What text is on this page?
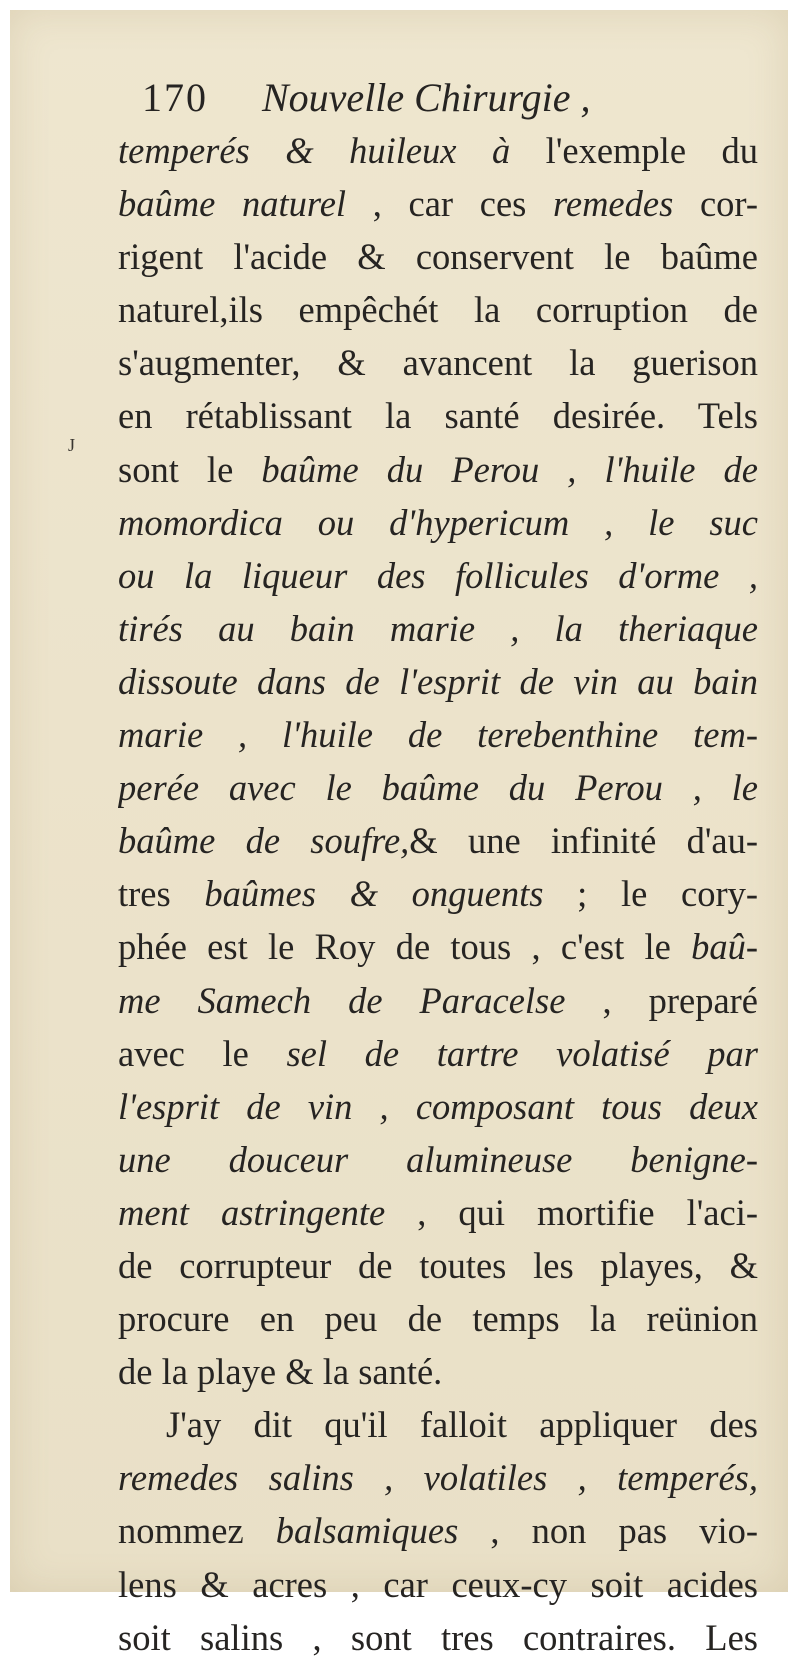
J
170 Nouvelle Chirurgie ,
temperés & huileux à l'exemple du
baûme naturel , car ces remedes cor-
rigent l'acide & conservent le baûme
naturel,ils empêchét la corruption de
s'augmenter, & avancent la guerison
en rétablissant la santé desirée. Tels
sont le baûme du Perou , l'huile de
momordica ou d'hypericum , le suc
ou la liqueur des follicules d'orme ,
tirés au bain marie , la theriaque
dissoute dans de l'esprit de vin au bain
marie , l'huile de terebenthine tem-
perée avec le baûme du Perou , le
baûme de soufre,& une infinité d'au-
tres baûmes & onguents ; le cory-
phée est le Roy de tous , c'est le baû-
me Samech de Paracelse , preparé
avec le sel de tartre volatisé par
l'esprit de vin , composant tous deux
une douceur alumineuse benigne-
ment astringente , qui mortifie l'aci-
de corrupteur de toutes les playes, &
procure en peu de temps la reünion
de la playe & la santé.
J'ay dit qu'il falloit appliquer des
remedes salins , volatiles , temperés,
nommez balsamiques , non pas vio-
lens & acres , car ceux-cy soit acides
soit salins , sont tres contraires. Les
